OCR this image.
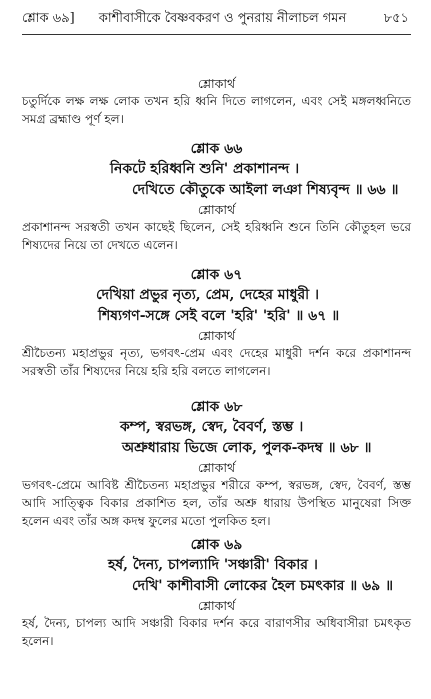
শ্লোক ৬৯]	কাশীবাসীকে বৈষ্ণবকরণ ও পুনরায় নীলাচল গমন	৮৫১
শ্লোকার্থ

চতুর্দিকে লক্ষ লক্ষ লোক তখন হরি ধ্বনি দিতে লাগলেন, এবং সেই মঙ্গলধ্বনিতে সমগ্র ব্রহ্মাণ্ড পূর্ণ হল।

শ্লোক ৬৬
নিকটে হরিধ্বনি শুনি' প্রকাশানন্দ ।
দেখিতে কৌতুকে আইলা লঞা শিষ্যবৃন্দ ॥ ৬৬ ॥
শ্লোকার্থ

প্রকাশানন্দ সরস্বতী তখন কাছেই ছিলেন, সেই হরিধ্বনি শুনে তিনি কৌতুহল ভরে শিষ্যদের নিয়ে তা দেখতে এলেন।

শ্লোক ৬৭
দেখিয়া প্রভুর নৃত্য, প্রেম, দেহের মাধুরী ।
শিষ্যগণ-সঙ্গে সেই বলে 'হরি' 'হরি' ॥ ৬৭ ॥
শ্লোকার্থ

শ্রীচৈতন্য মহাপ্রভুর নৃত্য, ভগবৎ-প্রেম এবং দেহের মাধুরী দর্শন করে প্রকাশানন্দ সরস্বতী তাঁর শিষ্যদের নিয়ে হরি হরি বলতে লাগলেন।

শ্লোক ৬৮
কম্প, স্বরভঙ্গ, স্বেদ, বৈবর্ণ, স্তম্ভ ।
অশ্রুধারায় ভিজে লোক, পুলক-কদম্ব ॥ ৬৮ ॥
শ্লোকার্থ

ভগবৎ-প্রেমে আবিষ্ট শ্রীচৈতন্য মহাপ্রভুর শরীরে কম্প, স্বরভঙ্গ, স্বেদ, বৈবর্ণ, স্তম্ভ আদি সাত্ত্বিক বিকার প্রকাশিত হল, তাঁর অশ্রু ধারায় উপস্থিত মানুষেরা সিক্ত হলেন এবং তাঁর অঙ্গ কদম্ব ফুলের মতো পুলকিত হল।

শ্লোক ৬৯
হর্ষ, দৈন্য, চাপল্যাদি 'সঞ্চারী' বিকার ।
দেখি' কাশীবাসী লোকের হৈল চমৎকার ॥ ৬৯ ॥
শ্লোকার্থ

হর্ষ, দৈন্য, চাপল্য আদি সঞ্চারী বিকার দর্শন করে বারাণসীর অধিবাসীরা চমৎকৃত হলেন।
